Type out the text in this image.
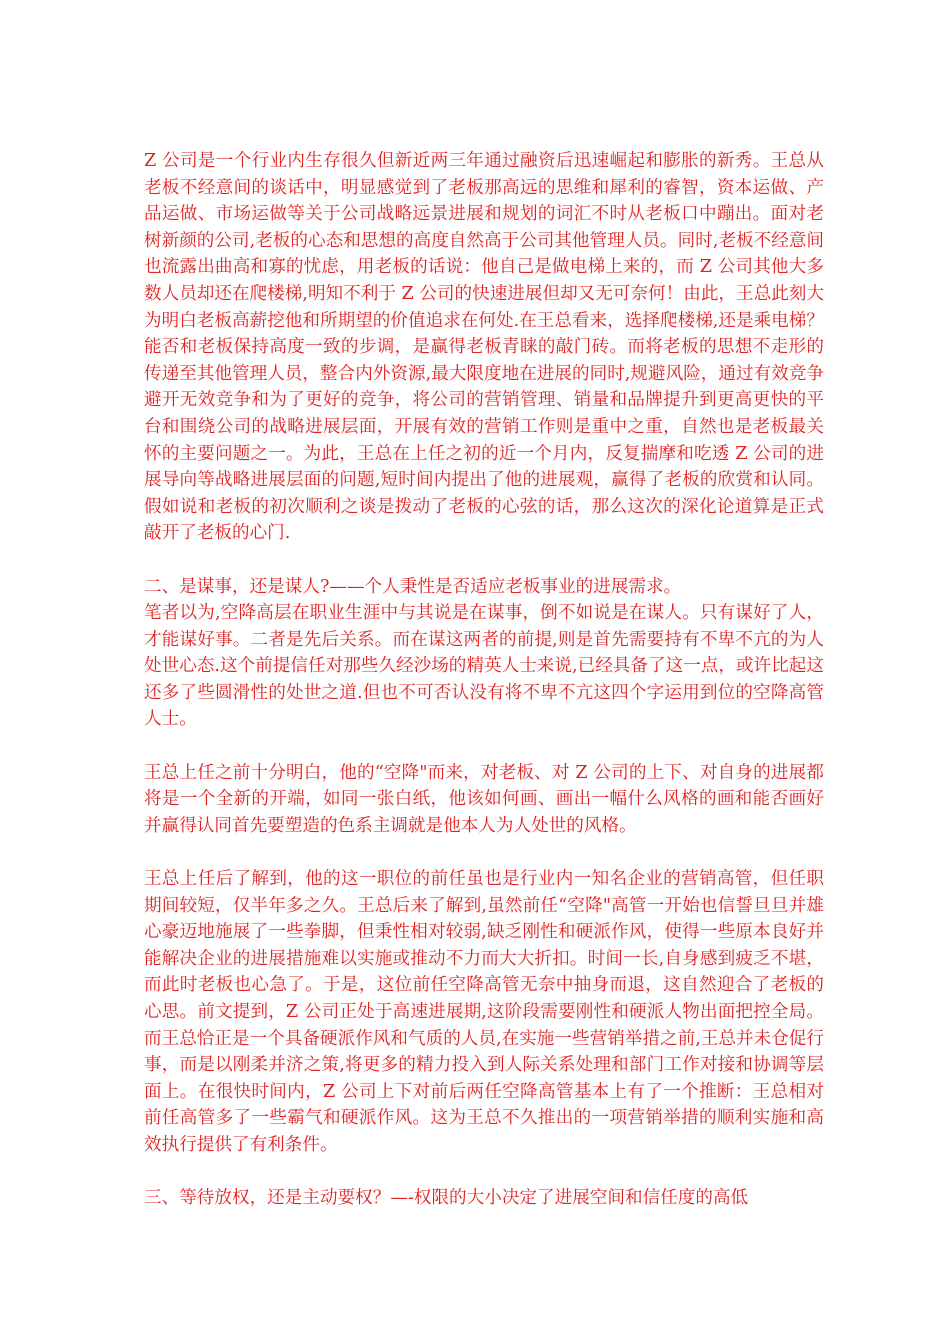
Z 公司是一个行业内生存很久但新近两三年通过融资后迅速崛起和膨胀的新秀。王总从老板不经意间的谈话中，明显感觉到了老板那高远的思维和犀利的睿智，资本运做、产品运做、市场运做等关于公司战略远景进展和规划的词汇不时从老板口中蹦出。面对老树新颜的公司,老板的心态和思想的高度自然高于公司其他管理人员。同时,老板不经意间也流露出曲高和寡的忧虑，用老板的话说：他自己是做电梯上来的，而 Z 公司其他大多数人员却还在爬楼梯,明知不利于 Z 公司的快速进展但却又无可奈何！由此，王总此刻大为明白老板高薪挖他和所期望的价值追求在何处.在王总看来，选择爬楼梯,还是乘电梯？能否和老板保持高度一致的步调，是赢得老板青睐的敲门砖。而将老板的思想不走形的传递至其他管理人员，整合内外资源,最大限度地在进展的同时,规避风险，通过有效竞争避开无效竞争和为了更好的竞争，将公司的营销管理、销量和品牌提升到更高更快的平台和围绕公司的战略进展层面，开展有效的营销工作则是重中之重，自然也是老板最关怀的主要问题之一。为此，王总在上任之初的近一个月内，反复揣摩和吃透 Z 公司的进展导向等战略进展层面的问题,短时间内提出了他的进展观，赢得了老板的欣赏和认同。假如说和老板的初次顺利之谈是拨动了老板的心弦的话，那么这次的深化论道算是正式敲开了老板的心门.

二、是谋事，还是谋人?——个人秉性是否适应老板事业的进展需求。

笔者以为,空降高层在职业生涯中与其说是在谋事，倒不如说是在谋人。只有谋好了人，才能谋好事。二者是先后关系。而在谋这两者的前提,则是首先需要持有不卑不亢的为人处世心态.这个前提信任对那些久经沙场的精英人士来说,已经具备了这一点，或许比起这还多了些圆滑性的处世之道.但也不可否认没有将不卑不亢这四个字运用到位的空降高管人士。

王总上任之前十分明白，他的“空降"而来，对老板、对 Z 公司的上下、对自身的进展都将是一个全新的开端，如同一张白纸，他该如何画、画出一幅什么风格的画和能否画好并赢得认同首先要塑造的色系主调就是他本人为人处世的风格。

王总上任后了解到，他的这一职位的前任虽也是行业内一知名企业的营销高管，但任职期间较短，仅半年多之久。王总后来了解到,虽然前任“空降"高管一开始也信誓旦旦并雄心豪迈地施展了一些拳脚，但秉性相对较弱,缺乏刚性和硬派作风，使得一些原本良好并能解决企业的进展措施难以实施或推动不力而大大折扣。时间一长,自身感到疲乏不堪，而此时老板也心急了。于是，这位前任空降高管无奈中抽身而退，这自然迎合了老板的心思。前文提到，Z 公司正处于高速进展期,这阶段需要刚性和硬派人物出面把控全局。而王总恰正是一个具备硬派作风和气质的人员,在实施一些营销举措之前,王总并未仓促行事，而是以刚柔并济之策,将更多的精力投入到人际关系处理和部门工作对接和协调等层面上。在很快时间内，Z 公司上下对前后两任空降高管基本上有了一个推断：王总相对前任高管多了一些霸气和硬派作风。这为王总不久推出的一项营销举措的顺利实施和高效执行提供了有利条件。

三、等待放权，还是主动要权？—-权限的大小决定了进展空间和信任度的高低
